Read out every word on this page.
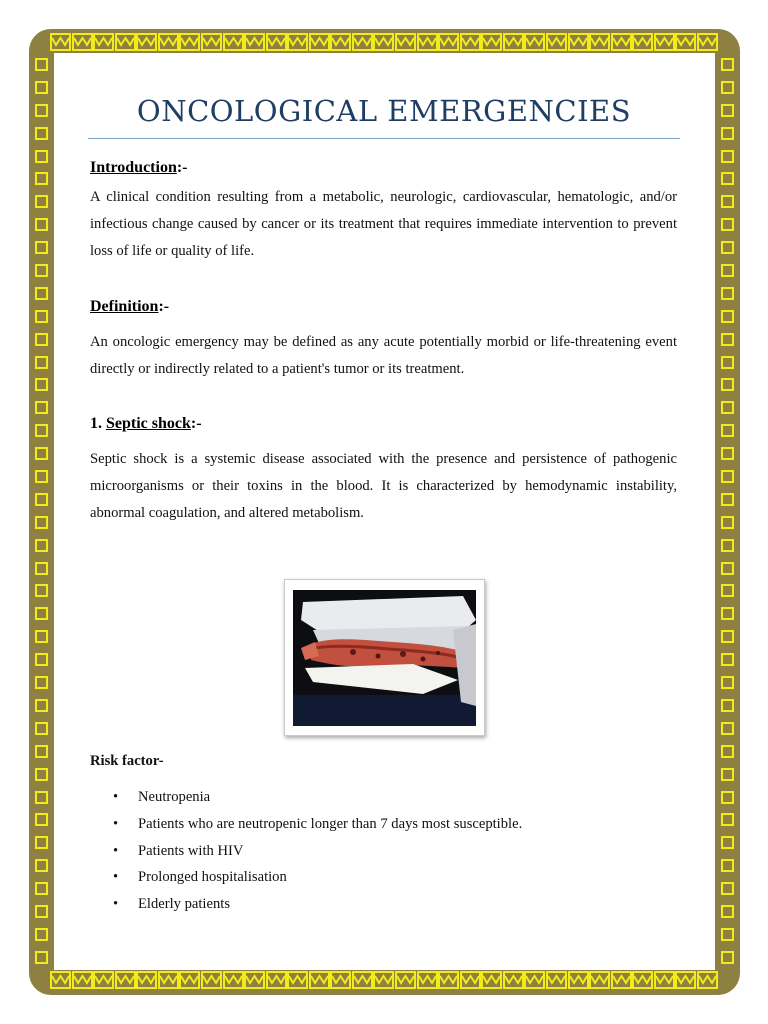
ONCOLOGICAL EMERGENCIES
Introduction:-

A clinical condition resulting from a metabolic, neurologic, cardiovascular, hematologic, and/or infectious change caused by cancer or its treatment that requires immediate intervention to prevent loss of life or quality of life.

Definition:-

An oncologic emergency may be defined as any acute potentially morbid or life-threatening event directly or indirectly related to a patient's tumor or its treatment.

1. Septic shock:-

Septic shock is a systemic disease associated with the presence and persistence of pathogenic microorganisms or their toxins in the blood. It is characterized by hemodynamic instability, abnormal coagulation, and altered metabolism.

Risk factor-
• Neutropenia
• Patients who are neutropenic longer than 7 days most susceptible.
• Patients with HIV
• Prolonged hospitalisation
• Elderly patients
